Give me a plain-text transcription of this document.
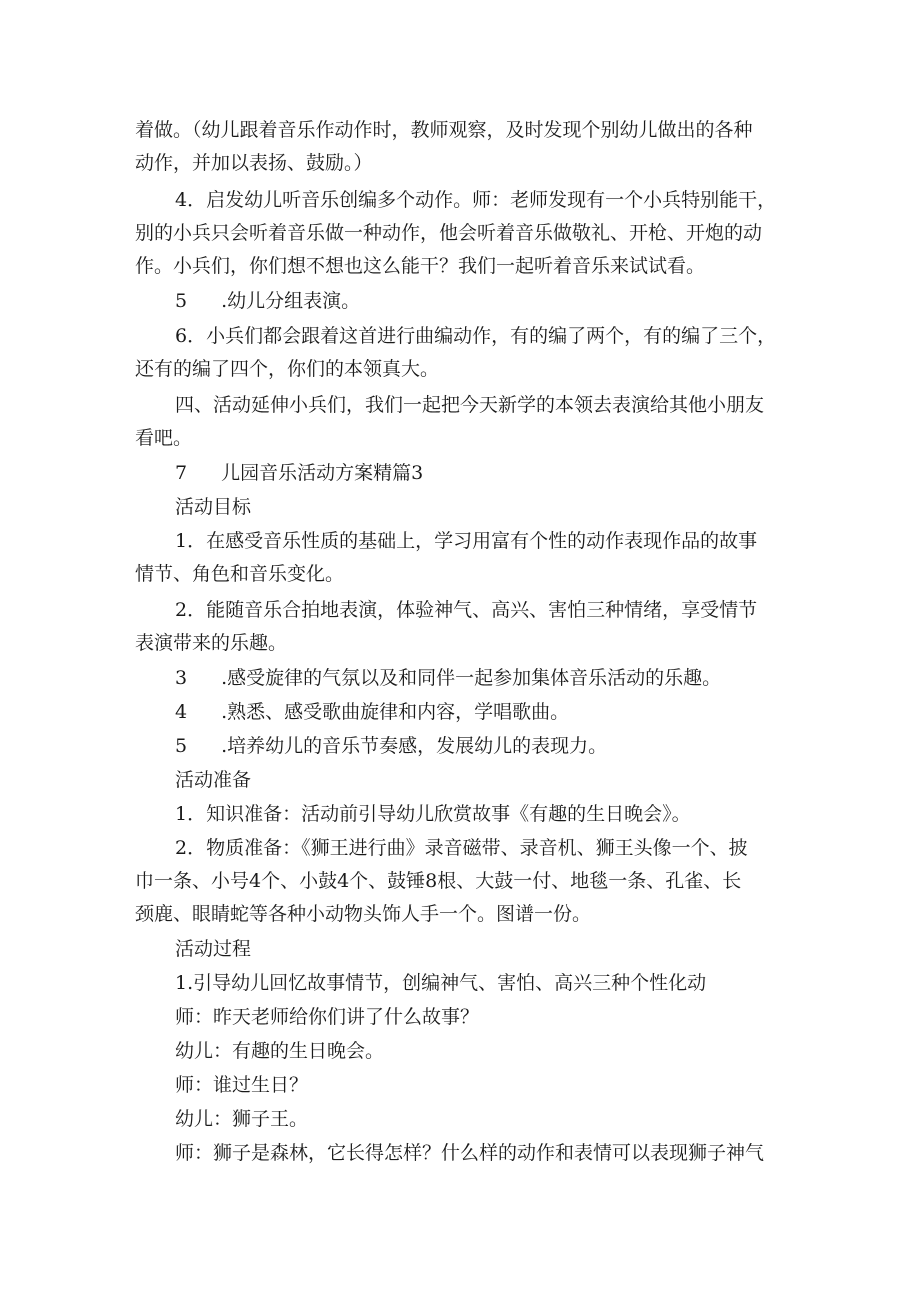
着做。（幼儿跟着音乐作动作时，教师观察，及时发现个别幼儿做出的各种
动作，并加以表扬、鼓励。）
4．启发幼儿听音乐创编多个动作。师：老师发现有一个小兵特别能干，
别的小兵只会听着音乐做一种动作，他会听着音乐做敬礼、开枪、开炮的动
作。小兵们，你们想不想也这么能干？我们一起听着音乐来试试看。
5 .幼儿分组表演。
6．小兵们都会跟着这首进行曲编动作，有的编了两个，有的编了三个，
还有的编了四个，你们的本领真大。
四、活动延伸小兵们，我们一起把今天新学的本领去表演给其他小朋友
看吧。
7 儿园音乐活动方案精篇3
活动目标
1．在感受音乐性质的基础上，学习用富有个性的动作表现作品的故事
情节、角色和音乐变化。
2．能随音乐合拍地表演，体验神气、高兴、害怕三种情绪，享受情节
表演带来的乐趣。
3 .感受旋律的气氛以及和同伴一起参加集体音乐活动的乐趣。
4 .熟悉、感受歌曲旋律和内容，学唱歌曲。
5 .培养幼儿的音乐节奏感，发展幼儿的表现力。
活动准备
1．知识准备：活动前引导幼儿欣赏故事《有趣的生日晚会》。
2．物质准备：《狮王进行曲》录音磁带、录音机、狮王头像一个、披
巾一条、小号4个、小鼓4个、鼓锤8根、大鼓一付、地毯一条、孔雀、长
颈鹿、眼睛蛇等各种小动物头饰人手一个。图谱一份。
活动过程
1.引导幼儿回忆故事情节，创编神气、害怕、高兴三种个性化动
师：昨天老师给你们讲了什么故事？
幼儿：有趣的生日晚会。
师：谁过生日？
幼儿：狮子王。
师：狮子是森林，它长得怎样？什么样的动作和表情可以表现狮子神气
